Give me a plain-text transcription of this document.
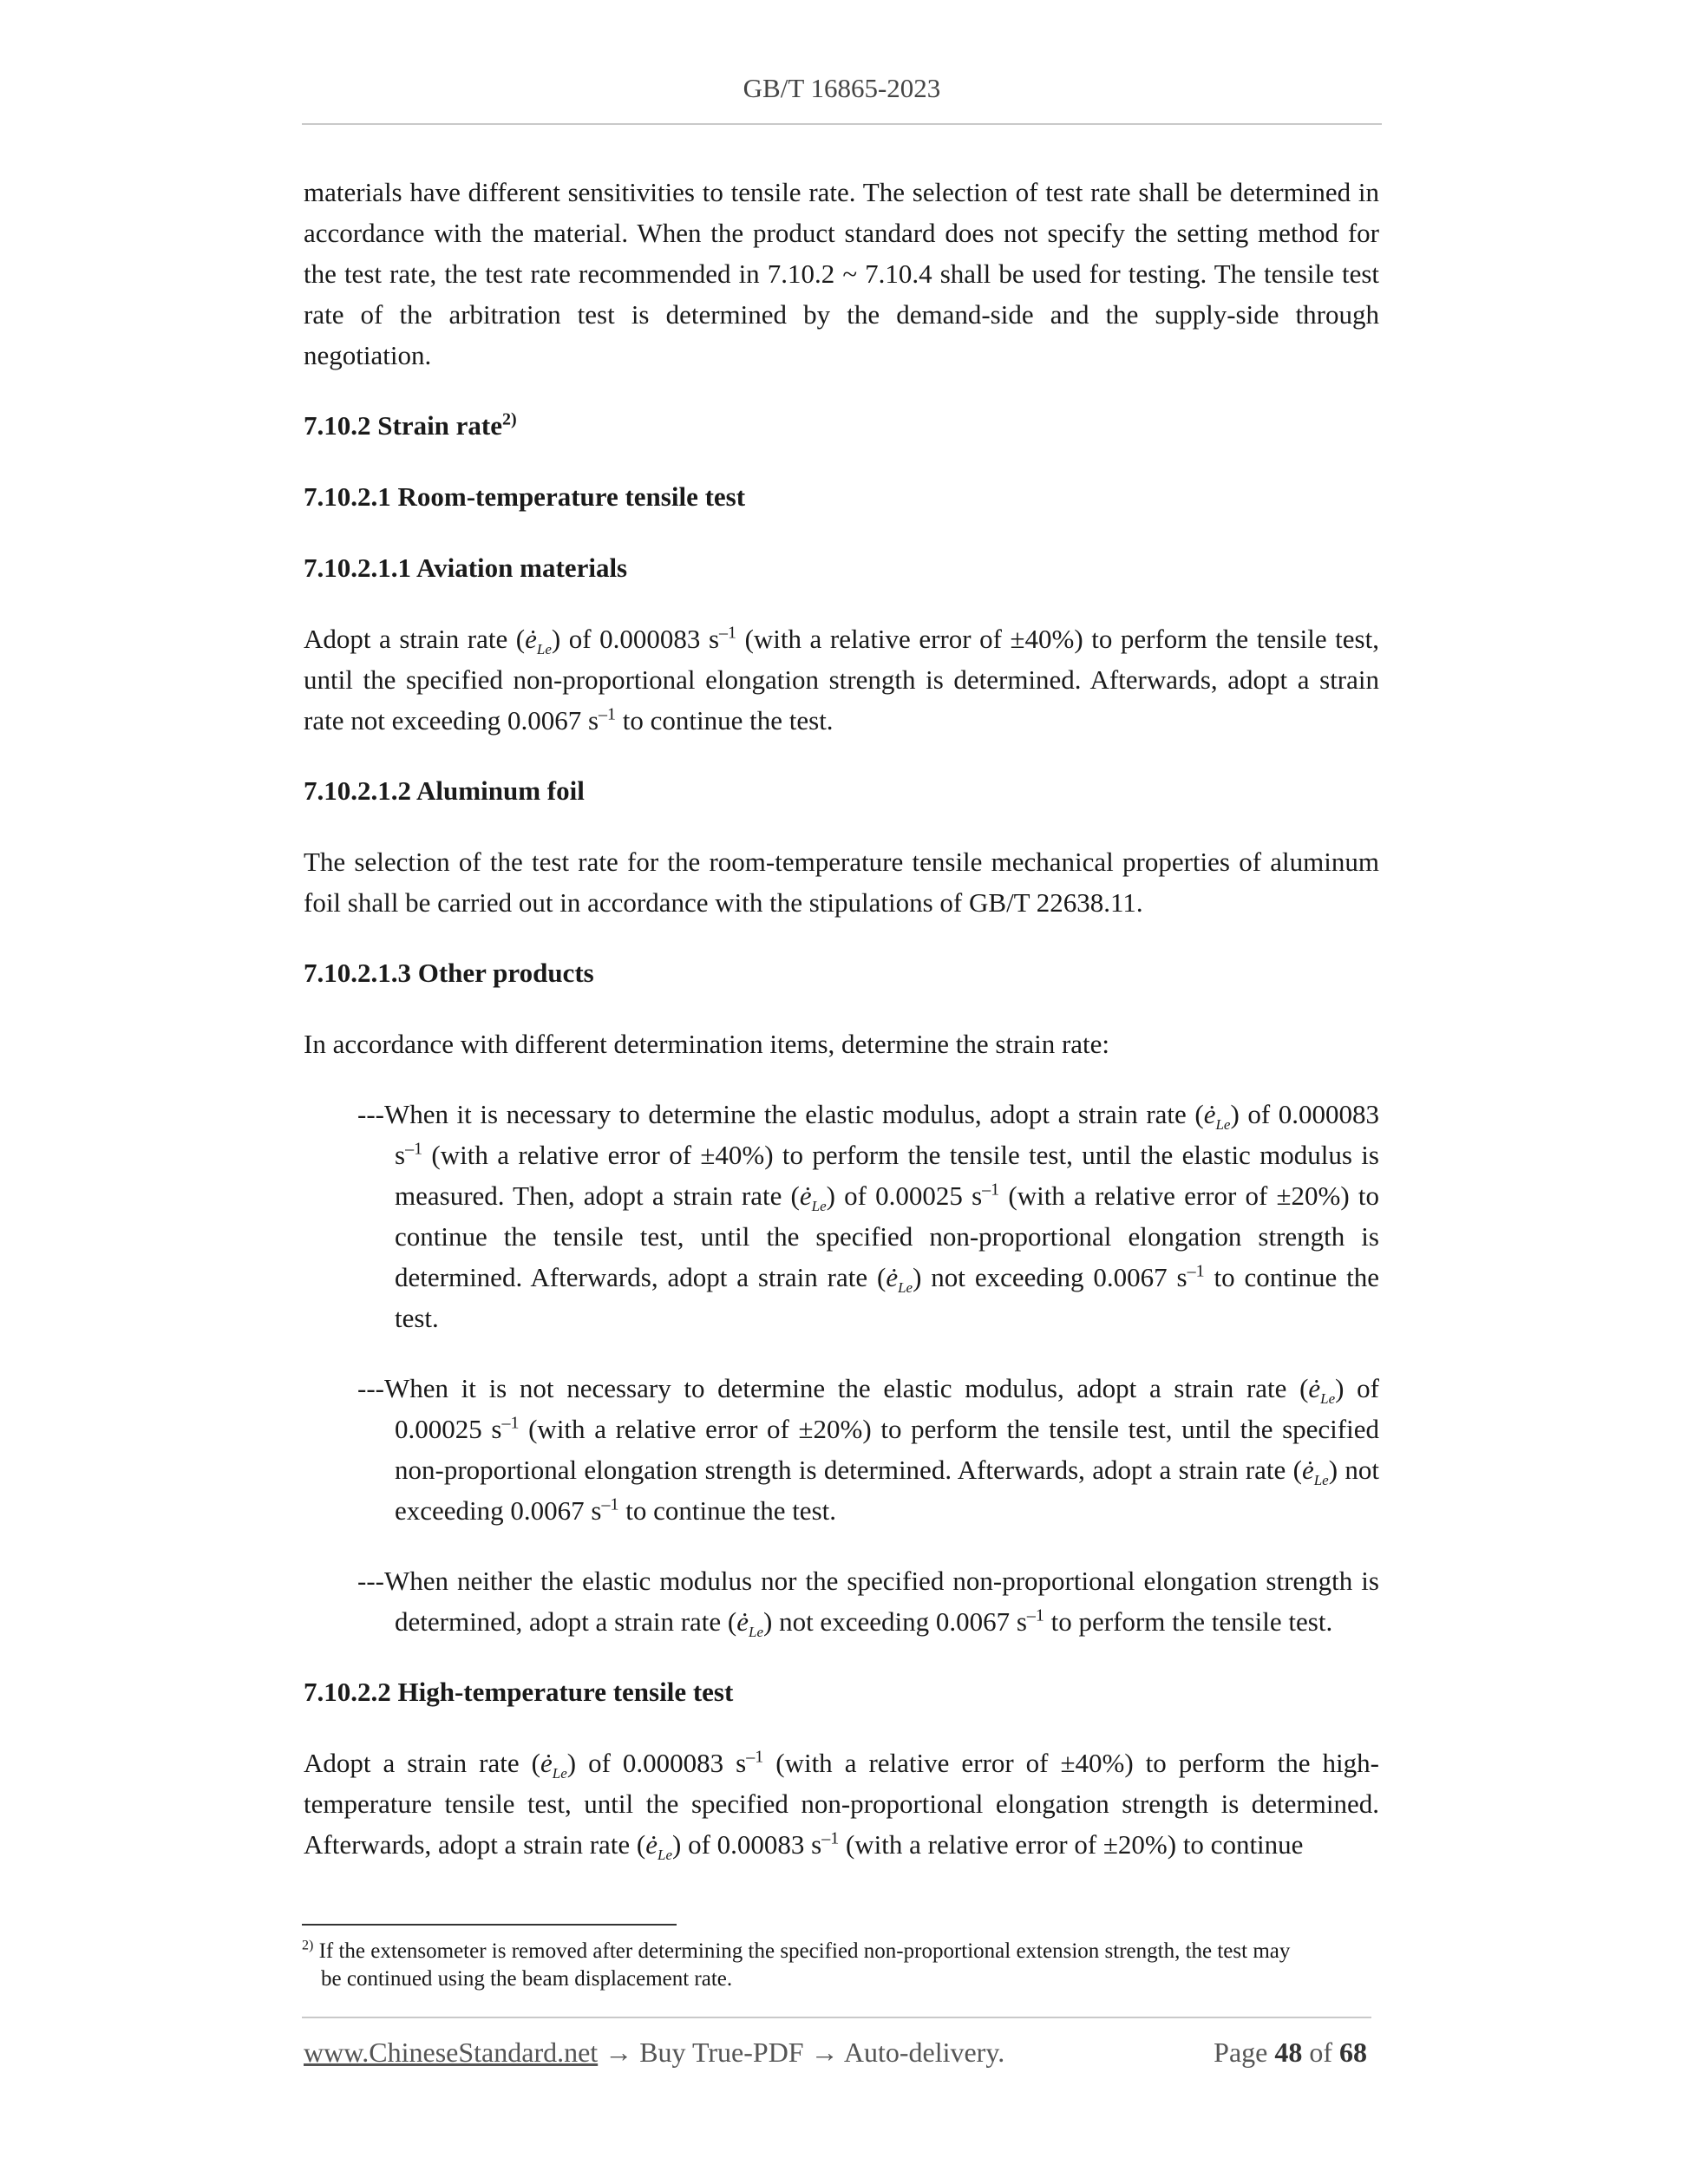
GB/T 16865-2023

materials have different sensitivities to tensile rate. The selection of test rate shall be determined in accordance with the material. When the product standard does not specify the setting method for the test rate, the test rate recommended in 7.10.2 ~ 7.10.4 shall be used for testing. The tensile test rate of the arbitration test is determined by the demand-side and the supply-side through negotiation.

7.10.2 Strain rate$^{2)}$
7.10.2.1 Room-temperature tensile test
7.10.2.1.1 Aviation materials

Adopt a strain rate $(ė_{Le})$ of 0.000083 $s^{-1}$ (with a relative error of ±40%) to perform the tensile test, until the specified non-proportional elongation strength is determined. Afterwards, adopt a strain rate not exceeding 0.0067 $s^{-1}$ to continue the test.

7.10.2.1.2 Aluminum foil

The selection of the test rate for the room-temperature tensile mechanical properties of aluminum foil shall be carried out in accordance with the stipulations of GB/T 22638.11.

7.10.2.1.3 Other products

In accordance with different determination items, determine the strain rate:

---When it is necessary to determine the elastic modulus, adopt a strain rate $(ė_{Le})$ of 0.000083 $s^{-1}$ (with a relative error of ±40%) to perform the tensile test, until the elastic modulus is measured. Then, adopt a strain rate $(ė_{Le})$ of 0.00025 $s^{-1}$ (with a relative error of ±20%) to continue the tensile test, until the specified non-proportional elongation strength is determined. Afterwards, adopt a strain rate $(ė_{Le})$ not exceeding 0.0067 $s^{-1}$ to continue the test.
---When it is not necessary to determine the elastic modulus, adopt a strain rate $(ė_{Le})$ of 0.00025 $s^{-1}$ (with a relative error of ±20%) to perform the tensile test, until the specified non-proportional elongation strength is determined. Afterwards, adopt a strain rate $(ė_{Le})$ not exceeding 0.0067 $s^{-1}$ to continue the test.
---When neither the elastic modulus nor the specified non-proportional elongation strength is determined, adopt a strain rate $(ė_{Le})$ not exceeding 0.0067 $s^{-1}$ to perform the tensile test.
7.10.2.2 High-temperature tensile test

Adopt a strain rate $(ė_{Le})$ of 0.000083 $s^{-1}$ (with a relative error of ±40%) to perform the high-temperature tensile test, until the specified non-proportional elongation strength is determined. Afterwards, adopt a strain rate $(ė_{Le})$ of 0.00083 $s^{-1}$ (with a relative error of ±20%) to continue

$^{2)}$ If the extensometer is removed after determining the specified non-proportional extension strength, the test may
be continued using the beam displacement rate.
www.ChineseStandard.net → Buy True-PDF → Auto-delivery.	Page 48 of 68
